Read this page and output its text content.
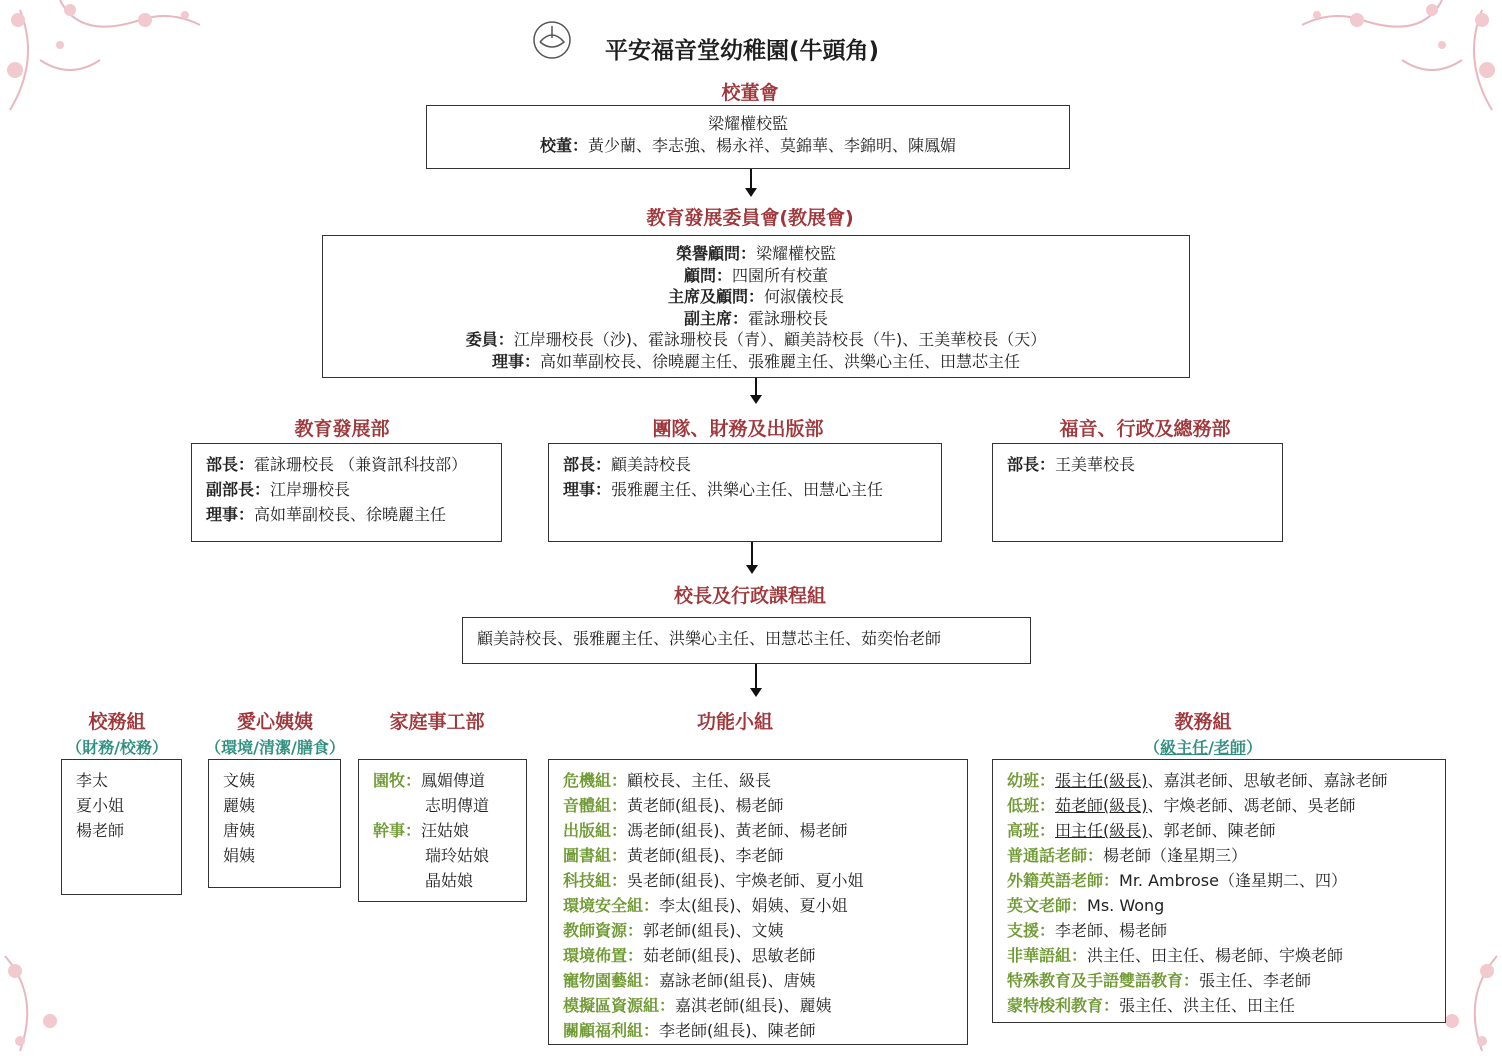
平安福音堂幼稚園(牛頭角)
校董會
梁耀權校監
校董：黃少蘭、李志強、楊永祥、莫錦華、李錦明、陳鳳媚
教育發展委員會(教展會)
榮譽顧問：梁耀權校監
顧問：四園所有校董
主席及顧問：何淑儀校長
副主席：霍詠珊校長
委員：江岸珊校長（沙)、霍詠珊校長（青）、顧美詩校長（牛)、王美華校長（天）
理事：高如華副校長、徐曉麗主任、張雅麗主任、洪樂心主任、田慧芯主任
教育發展部
部長：霍詠珊校長 （兼資訊科技部）
副部長：江岸珊校長
理事：高如華副校長、徐曉麗主任
團隊、財務及出版部
部長：顧美詩校長
理事：張雅麗主任、洪樂心主任、田慧心主任
福音、行政及總務部
部長：王美華校長
校長及行政課程組
顧美詩校長、張雅麗主任、洪樂心主任、田慧芯主任、茹奕怡老師
校務組
（財務/校務）
李太
夏小姐
楊老師
愛心姨姨
（環境/清潔/膳食）
文姨
麗姨
唐姨
娟姨
家庭事工部
園牧：鳳媚傳道
志明傳道
幹事：汪姑娘
瑞玲姑娘
晶姑娘
功能小組
危機組：顧校長、主任、級長
音體組：黃老師(組長)、楊老師
出版組：馮老師(組長)、黃老師、楊老師
圖書組：黃老師(組長)、李老師
科技組：吳老師(組長)、宇煥老師、夏小姐
環境安全組：李太(組長)、娟姨、夏小姐
教師資源：郭老師(組長)、文姨
環境佈置：茹老師(組長)、思敏老師
寵物園藝組：嘉詠老師(組長)、唐姨
模擬區資源組：嘉淇老師(組長)、麗姨
關顧福利組：李老師(組長)、陳老師
教務組
（級主任/老師）
幼班：張主任(級長)、嘉淇老師、思敏老師、嘉詠老師
低班：茹老師(級長)、宇煥老師、馮老師、吳老師
高班：田主任(級長)、郭老師、陳老師
普通話老師：楊老師（逢星期三）
外籍英語老師：Mr. Ambrose（逢星期二、四）
英文老師：Ms. Wong
支援：李老師、楊老師
非華語組：洪主任、田主任、楊老師、宇煥老師
特殊教育及手語雙語教育：張主任、李老師
蒙特梭利教育：張主任、洪主任、田主任
